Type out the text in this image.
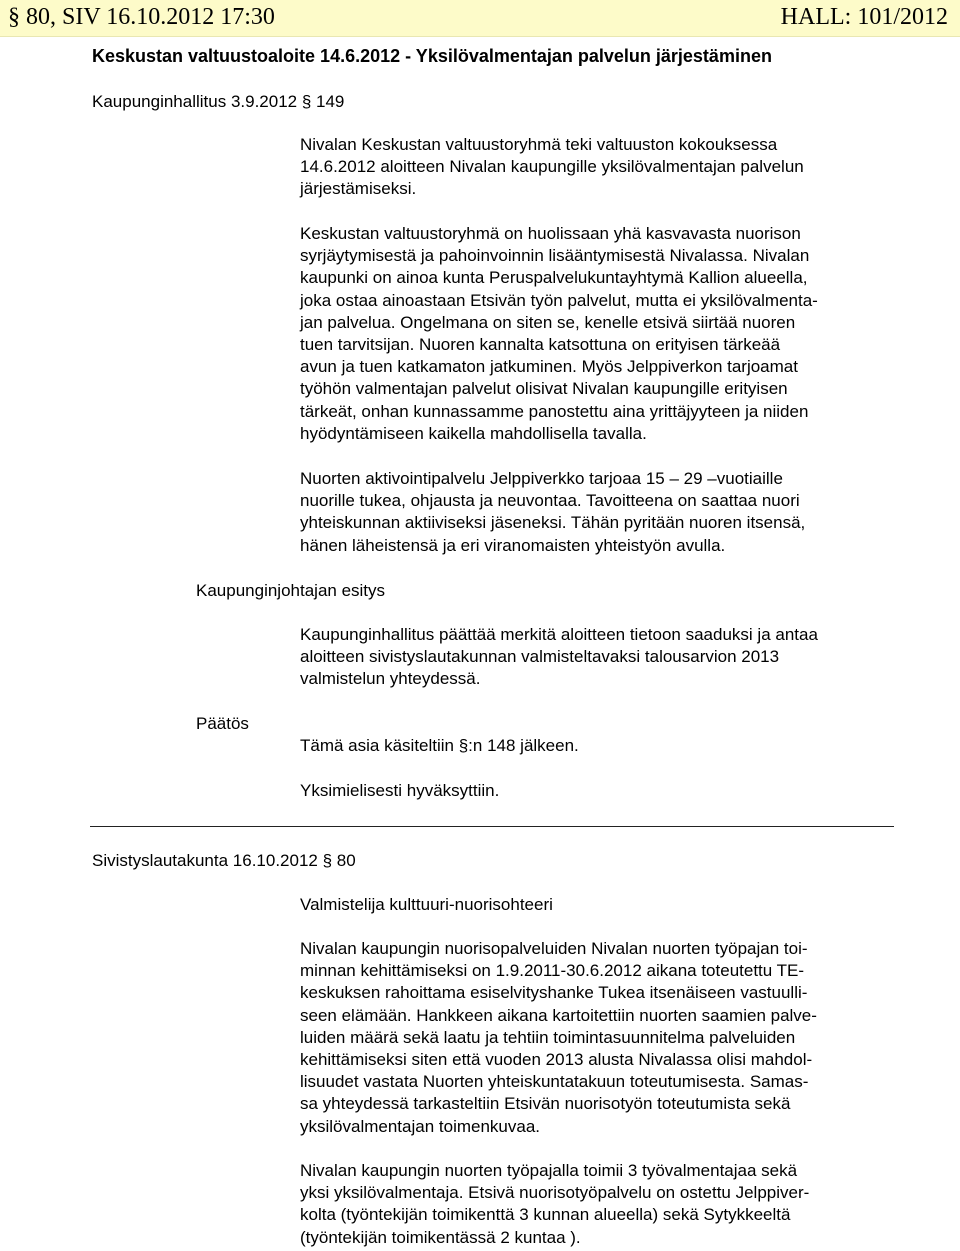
§ 80, SIV 16.10.2012 17:30	HALL: 101/2012
Keskustan valtuustoaloite 14.6.2012 - Yksilövalmentajan palvelun järjestäminen
Kaupunginhallitus 3.9.2012 § 149
Nivalan Keskustan valtuustoryhmä teki valtuuston kokouksessa
14.6.2012 aloitteen Nivalan kaupungille yksilövalmentajan palvelun
järjestämiseksi.
Keskustan valtuustoryhmä on huolissaan yhä kasvavasta nuorison
syrjäytymisestä ja pahoinvoinnin lisääntymisestä Nivalassa. Nivalan
kaupunki on ainoa kunta Peruspalvelukuntayhtymä Kallion alueella,
joka ostaa ainoastaan Etsivän työn palvelut, mutta ei yksilövalmenta-
jan palvelua. Ongelmana on siten se, kenelle etsivä siirtää nuoren
tuen tarvitsijan. Nuoren kannalta katsottuna on erityisen tärkeää
avun ja tuen katkamaton jatkuminen. Myös Jelppiverkon tarjoamat
työhön valmentajan palvelut olisivat Nivalan kaupungille erityisen
tärkeät, onhan kunnassamme panostettu aina yrittäjyyteen ja niiden
hyödyntämiseen kaikella mahdollisella tavalla.
Nuorten aktivointipalvelu Jelppiverkko tarjoaa 15 – 29 –vuotiaille
nuorille tukea, ohjausta ja neuvontaa. Tavoitteena on saattaa nuori
yhteiskunnan aktiiviseksi jäseneksi. Tähän pyritään nuoren itsensä,
hänen läheistensä ja eri viranomaisten yhteistyön avulla.
Kaupunginjohtajan esitys
Kaupunginhallitus päättää merkitä aloitteen tietoon saaduksi ja antaa
aloitteen sivistyslautakunnan valmisteltavaksi talousarvion 2013
valmistelun yhteydessä.
Päätös
Tämä asia käsiteltiin §:n 148 jälkeen.
Yksimielisesti hyväksyttiin.
Sivistyslautakunta 16.10.2012 § 80
Valmistelija kulttuuri-nuorisohteeri
Nivalan kaupungin nuorisopalveluiden Nivalan nuorten työpajan toi-
minnan kehittämiseksi on 1.9.2011-30.6.2012 aikana toteutettu TE-
keskuksen rahoittama esiselvityshanke Tukea itsenäiseen vastuulli-
seen elämään. Hankkeen aikana kartoitettiin nuorten saamien palve-
luiden määrä sekä laatu ja tehtiin toimintasuunnitelma palveluiden
kehittämiseksi siten että vuoden 2013 alusta Nivalassa olisi mahdol-
lisuudet vastata Nuorten yhteiskuntatakuun toteutumisesta. Samas-
sa yhteydessä tarkasteltiin Etsivän nuorisotyön toteutumista sekä
yksilövalmentajan toimenkuvaa.
Nivalan kaupungin nuorten työpajalla toimii 3 työvalmentajaa sekä
yksi yksilövalmentaja. Etsivä nuorisotyöpalvelu on ostettu Jelppiver-
kolta (työntekijän toimikenttä 3 kunnan alueella) sekä Sytykkeeltä
(työntekijän toimikentässä 2 kuntaa ).
